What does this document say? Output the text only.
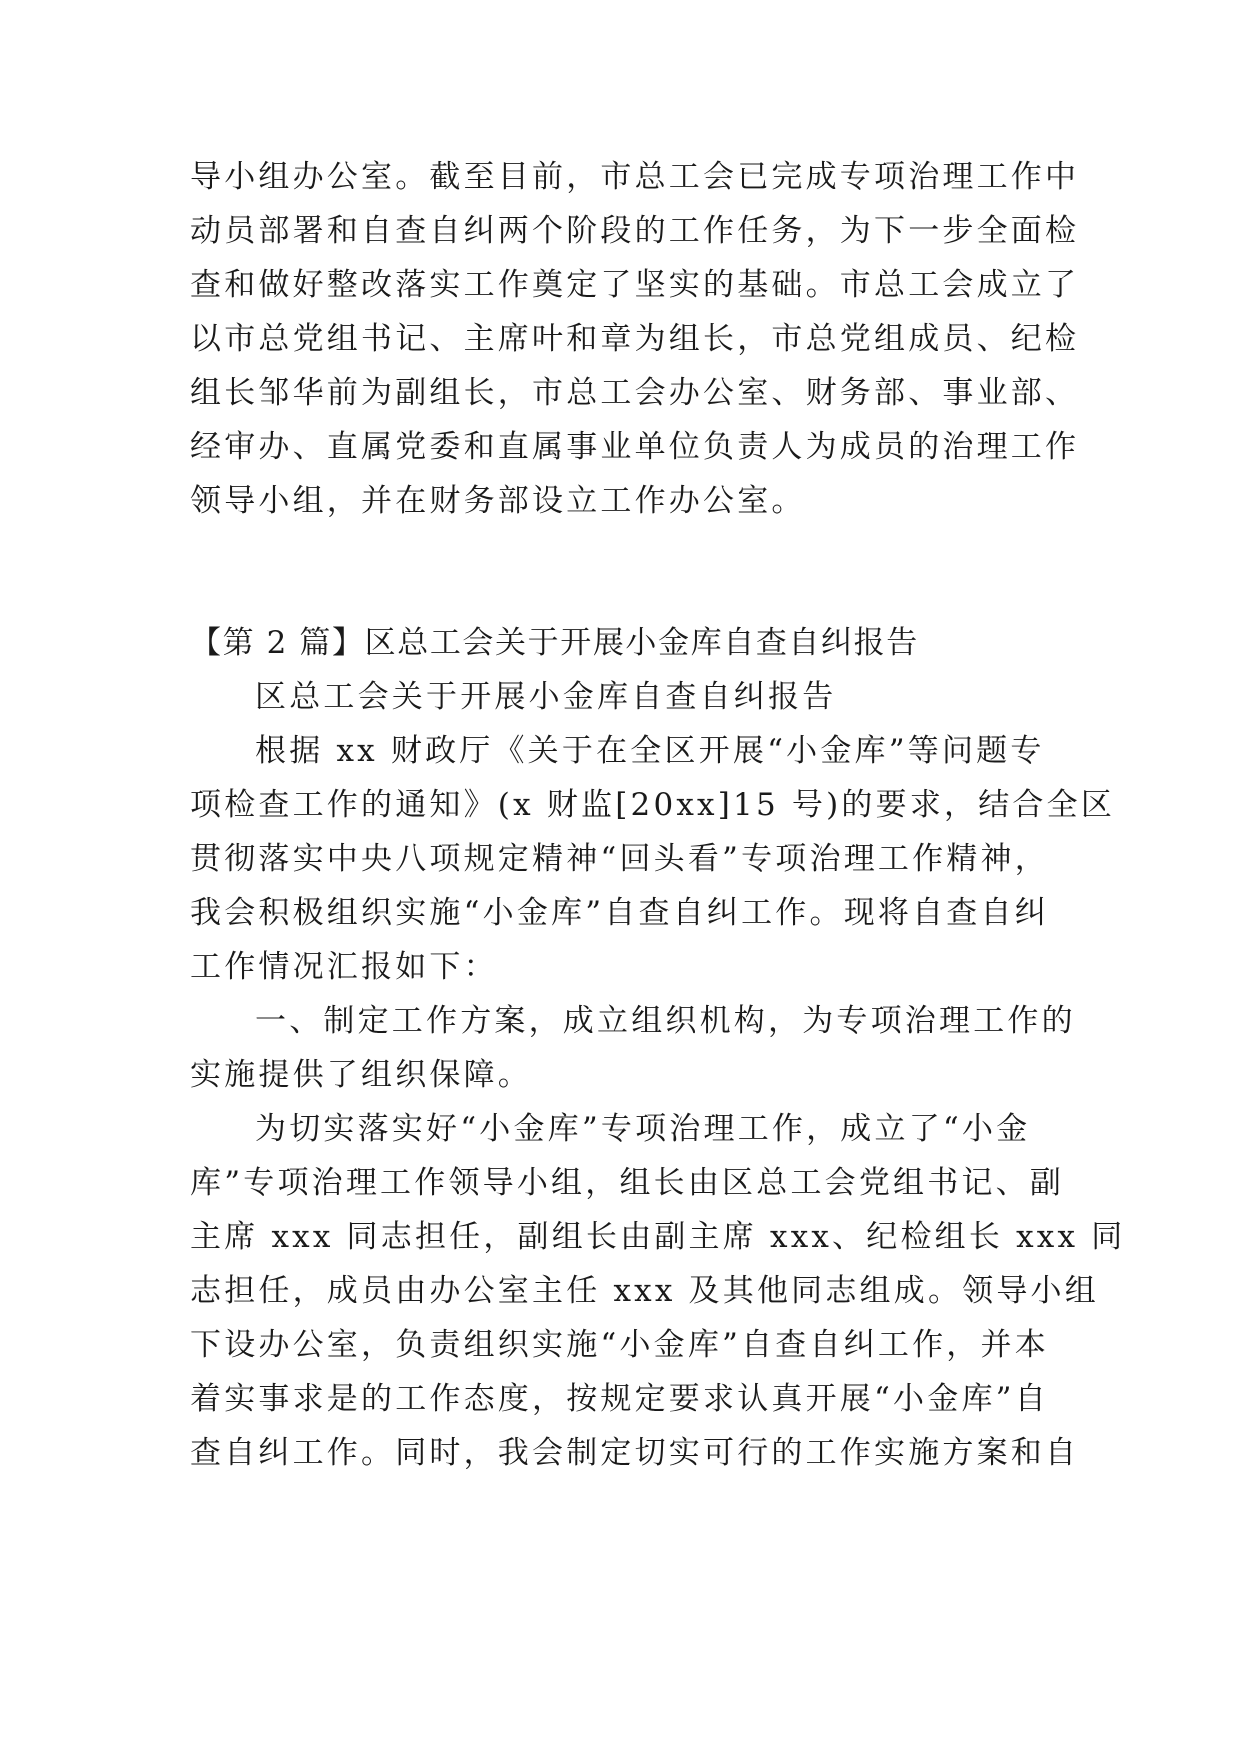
导小组办公室。截至目前，市总工会已完成专项治理工作中
动员部署和自查自纠两个阶段的工作任务，为下一步全面检
查和做好整改落实工作奠定了坚实的基础。市总工会成立了
以市总党组书记、主席叶和章为组长，市总党组成员、纪检
组长邹华前为副组长，市总工会办公室、财务部、事业部、
经审办、直属党委和直属事业单位负责人为成员的治理工作
领导小组，并在财务部设立工作办公室。
【第 2 篇】区总工会关于开展小金库自查自纠报告
区总工会关于开展小金库自查自纠报告
根据 xx 财政厅《关于在全区开展“小金库”等问题专
项检查工作的通知》(x 财监[20xx]15 号)的要求，结合全区
贯彻落实中央八项规定精神“回头看”专项治理工作精神，
我会积极组织实施“小金库”自查自纠工作。现将自查自纠
工作情况汇报如下：
一、制定工作方案，成立组织机构，为专项治理工作的
实施提供了组织保障。
为切实落实好“小金库”专项治理工作，成立了“小金
库”专项治理工作领导小组，组长由区总工会党组书记、副
主席 xxx 同志担任，副组长由副主席 xxx、纪检组长 xxx 同
志担任，成员由办公室主任 xxx 及其他同志组成。领导小组
下设办公室，负责组织实施“小金库”自查自纠工作，并本
着实事求是的工作态度，按规定要求认真开展“小金库”自
查自纠工作。同时，我会制定切实可行的工作实施方案和自
